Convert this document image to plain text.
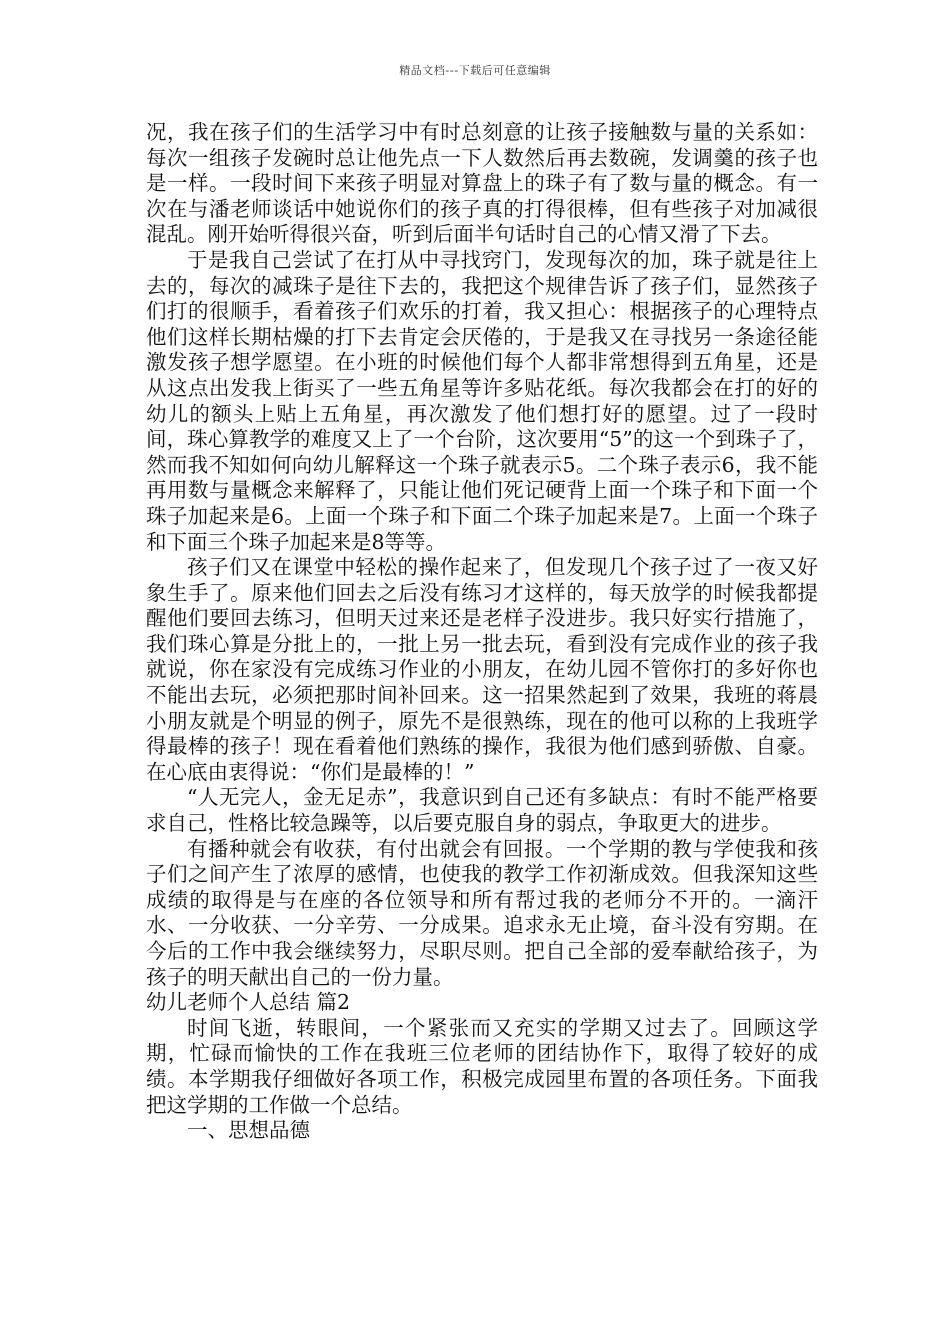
精品文档---下载后可任意编辑

况，我在孩子们的生活学习中有时总刻意的让孩子接触数与量的关系如：每次一组孩子发碗时总让他先点一下人数然后再去数碗，发调羹的孩子也是一样。一段时间下来孩子明显对算盘上的珠子有了数与量的概念。有一次在与潘老师谈话中她说你们的孩子真的打得很棒，但有些孩子对加减很混乱。刚开始听得很兴奋，听到后面半句话时自己的心情又滑了下去。

于是我自己尝试了在打从中寻找窍门，发现每次的加，珠子就是往上去的，每次的减珠子是往下去的，我把这个规律告诉了孩子们，显然孩子们打的很顺手，看着孩子们欢乐的打着，我又担心：根据孩子的心理特点他们这样长期枯燥的打下去肯定会厌倦的，于是我又在寻找另一条途径能激发孩子想学愿望。在小班的时候他们每个人都非常想得到五角星，还是从这点出发我上街买了一些五角星等许多贴花纸。每次我都会在打的好的幼儿的额头上贴上五角星，再次激发了他们想打好的愿望。过了一段时间，珠心算教学的难度又上了一个台阶，这次要用“5”的这一个到珠子了，然而我不知如何向幼儿解释这一个珠子就表示5。二个珠子表示6，我不能再用数与量概念来解释了，只能让他们死记硬背上面一个珠子和下面一个珠子加起来是6。上面一个珠子和下面二个珠子加起来是7。上面一个珠子和下面三个珠子加起来是8等等。

孩子们又在课堂中轻松的操作起来了，但发现几个孩子过了一夜又好象生手了。原来他们回去之后没有练习才这样的，每天放学的时候我都提醒他们要回去练习，但明天过来还是老样子没进步。我只好实行措施了，我们珠心算是分批上的，一批上另一批去玩，看到没有完成作业的孩子我就说，你在家没有完成练习作业的小朋友，在幼儿园不管你打的多好你也不能出去玩，必须把那时间补回来。这一招果然起到了效果，我班的蒋晨小朋友就是个明显的例子，原先不是很熟练，现在的他可以称的上我班学得最棒的孩子！现在看着他们熟练的操作，我很为他们感到骄傲、自豪。在心底由衷得说：“你们是最棒的！”

“人无完人，金无足赤”，我意识到自己还有多缺点：有时不能严格要求自己，性格比较急躁等，以后要克服自身的弱点，争取更大的进步。

有播种就会有收获，有付出就会有回报。一个学期的教与学使我和孩子们之间产生了浓厚的感情，也使我的教学工作初渐成效。但我深知这些成绩的取得是与在座的各位领导和所有帮过我的老师分不开的。一滴汗水、一分收获、一分辛劳、一分成果。追求永无止境，奋斗没有穷期。在今后的工作中我会继续努力，尽职尽则。把自己全部的爱奉献给孩子，为孩子的明天献出自己的一份力量。

幼儿老师个人总结 篇2

时间飞逝，转眼间，一个紧张而又充实的学期又过去了。回顾这学期，忙碌而愉快的工作在我班三位老师的团结协作下，取得了较好的成绩。本学期我仔细做好各项工作，积极完成园里布置的各项任务。下面我把这学期的工作做一个总结。

一、思想品德
